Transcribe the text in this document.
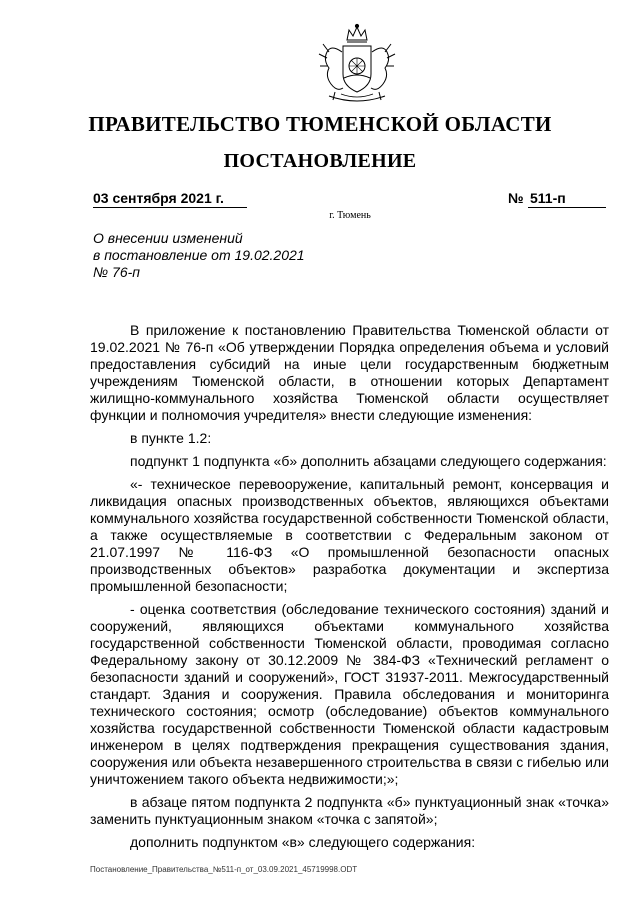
ПРАВИТЕЛЬСТВО ТЮМЕНСКОЙ ОБЛАСТИ
ПОСТАНОВЛЕНИЕ
03 сентября 2021 г.	№ 511-п
г. Тюмень
О внесении изменений
в постановление от 19.02.2021
№ 76-п

В приложение к постановлению Правительства Тюменской области от 19.02.2021 № 76-п «Об утверждении Порядка определения объема и условий предоставления субсидий на иные цели государственным бюджетным учреждениям Тюменской области, в отношении которых Департамент жилищно-коммунального хозяйства Тюменской области осуществляет функции и полномочия учредителя» внести следующие изменения:

в пункте 1.2:

подпункт 1 подпункта «б» дополнить абзацами следующего содержания:

«- техническое перевооружение, капитальный ремонт, консервация и ликвидация опасных производственных объектов, являющихся объектами коммунального хозяйства государственной собственности Тюменской области, а также осуществляемые в соответствии с Федеральным законом от 21.07.1997 № 116-ФЗ «О промышленной безопасности опасных производственных объектов» разработка документации и экспертиза промышленной безопасности;

- оценка соответствия (обследование технического состояния) зданий и сооружений, являющихся объектами коммунального хозяйства государственной собственности Тюменской области, проводимая согласно Федеральному закону от 30.12.2009 № 384-ФЗ «Технический регламент о безопасности зданий и сооружений», ГОСТ 31937-2011. Межгосударственный стандарт. Здания и сооружения. Правила обследования и мониторинга технического состояния; осмотр (обследование) объектов коммунального хозяйства государственной собственности Тюменской области кадастровым инженером в целях подтверждения прекращения существования здания, сооружения или объекта незавершенного строительства в связи с гибелью или уничтожением такого объекта недвижимости;»;

в абзаце пятом подпункта 2 подпункта «б» пунктуационный знак «точка» заменить пунктуационным знаком «точка с запятой»;

дополнить подпунктом «в» следующего содержания:

Постановление_Правительства_№511-п_от_03.09.2021_45719998.ODT
